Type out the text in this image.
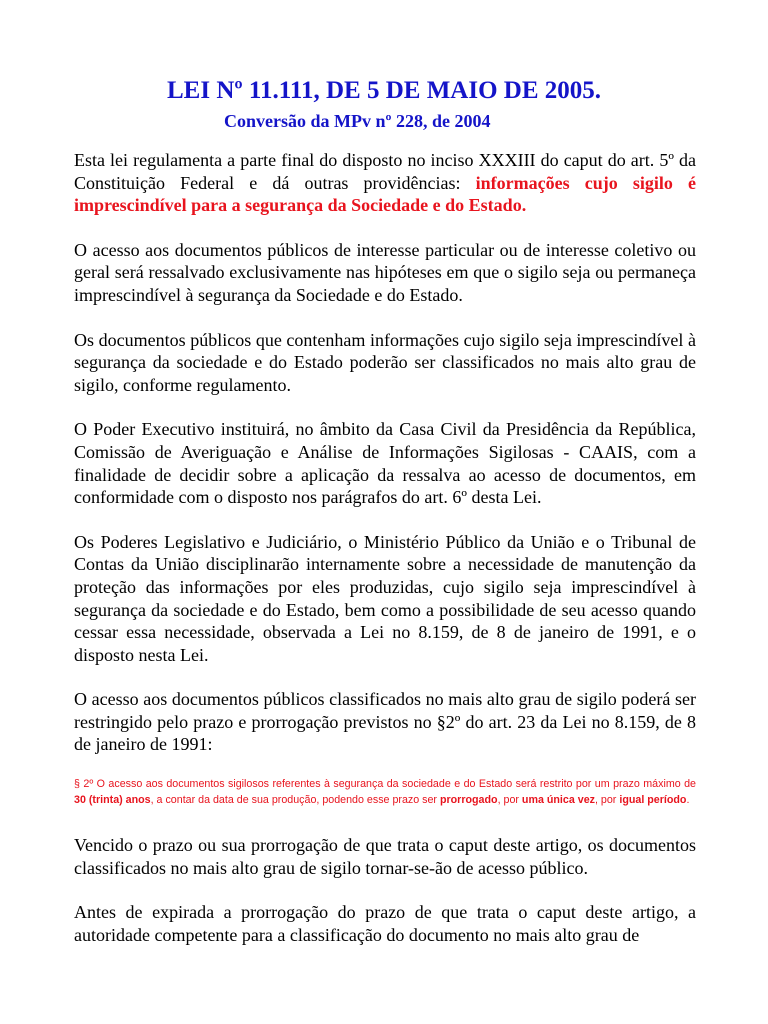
LEI Nº 11.111, DE 5 DE MAIO DE 2005.

Conversão da MPv nº 228, de 2004

Esta lei regulamenta a parte final do disposto no inciso XXXIII do caput do art. 5º da Constituição Federal e dá outras providências: informações cujo sigilo é imprescindível para a segurança da Sociedade e do Estado.

O acesso aos documentos públicos de interesse particular ou de interesse coletivo ou geral será ressalvado exclusivamente nas hipóteses em que o sigilo seja ou permaneça imprescindível à segurança da Sociedade e do Estado.

Os documentos públicos que contenham informações cujo sigilo seja imprescindível à segurança da sociedade e do Estado poderão ser classificados no mais alto grau de sigilo, conforme regulamento.

O Poder Executivo instituirá, no âmbito da Casa Civil da Presidência da República, Comissão de Averiguação e Análise de Informações Sigilosas - CAAIS, com a finalidade de decidir sobre a aplicação da ressalva ao acesso de documentos, em conformidade com o disposto nos parágrafos do art. 6º desta Lei.

Os Poderes Legislativo e Judiciário, o Ministério Público da União e o Tribunal de Contas da União disciplinarão internamente sobre a necessidade de manutenção da proteção das informações por eles produzidas, cujo sigilo seja imprescindível à segurança da sociedade e do Estado, bem como a possibilidade de seu acesso quando cessar essa necessidade, observada a Lei no 8.159, de 8 de janeiro de 1991, e o disposto nesta Lei.

O acesso aos documentos públicos classificados no mais alto grau de sigilo poderá ser restringido pelo prazo e prorrogação previstos no §2º do art. 23 da Lei no 8.159, de 8 de janeiro de 1991:

§ 2º O acesso aos documentos sigilosos referentes à segurança da sociedade e do Estado será restrito por um prazo máximo de 30 (trinta) anos, a contar da data de sua produção, podendo esse prazo ser prorrogado, por uma única vez, por igual período.

Vencido o prazo ou sua prorrogação de que trata o caput deste artigo, os documentos classificados no mais alto grau de sigilo tornar-se-ão de acesso público.

Antes de expirada a prorrogação do prazo de que trata o caput deste artigo, a autoridade competente para a classificação do documento no mais alto grau de
